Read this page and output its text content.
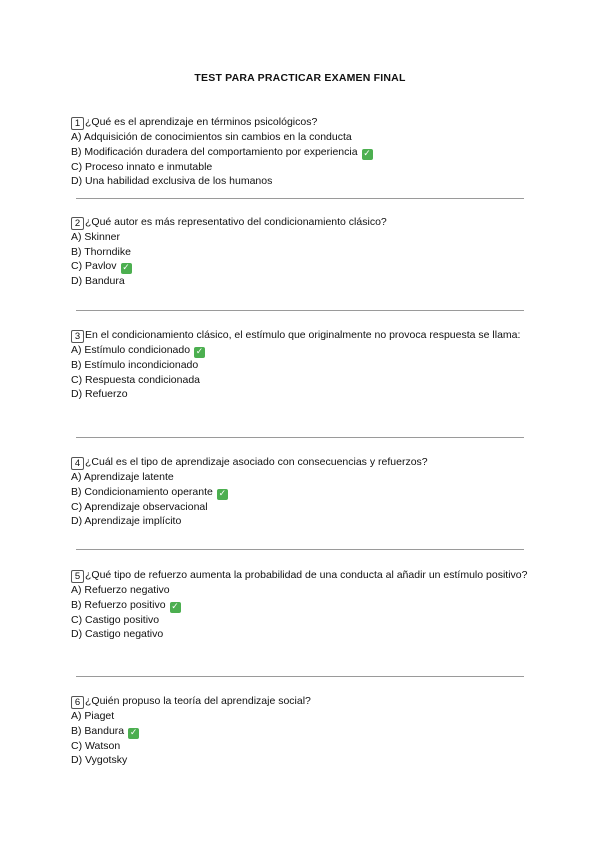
TEST PARA PRACTICAR EXAMEN FINAL

1 ¿Qué es el aprendizaje en términos psicológicos?

A) Adquisición de conocimientos sin cambios en la conducta

B) Modificación duradera del comportamiento por experiencia ✓

C) Proceso innato e inmutable

D) Una habilidad exclusiva de los humanos

2 ¿Qué autor es más representativo del condicionamiento clásico?

A) Skinner

B) Thorndike

C) Pavlov ✓

D) Bandura

3 En el condicionamiento clásico, el estímulo que originalmente no provoca respuesta se llama:

A) Estímulo condicionado ✓

B) Estímulo incondicionado

C) Respuesta condicionada

D) Refuerzo

4 ¿Cuál es el tipo de aprendizaje asociado con consecuencias y refuerzos?

A) Aprendizaje latente

B) Condicionamiento operante ✓

C) Aprendizaje observacional

D) Aprendizaje implícito

5 ¿Qué tipo de refuerzo aumenta la probabilidad de una conducta al añadir un estímulo positivo?

A) Refuerzo negativo

B) Refuerzo positivo ✓

C) Castigo positivo

D) Castigo negativo

6 ¿Quién propuso la teoría del aprendizaje social?

A) Piaget

B) Bandura ✓

C) Watson

D) Vygotsky
